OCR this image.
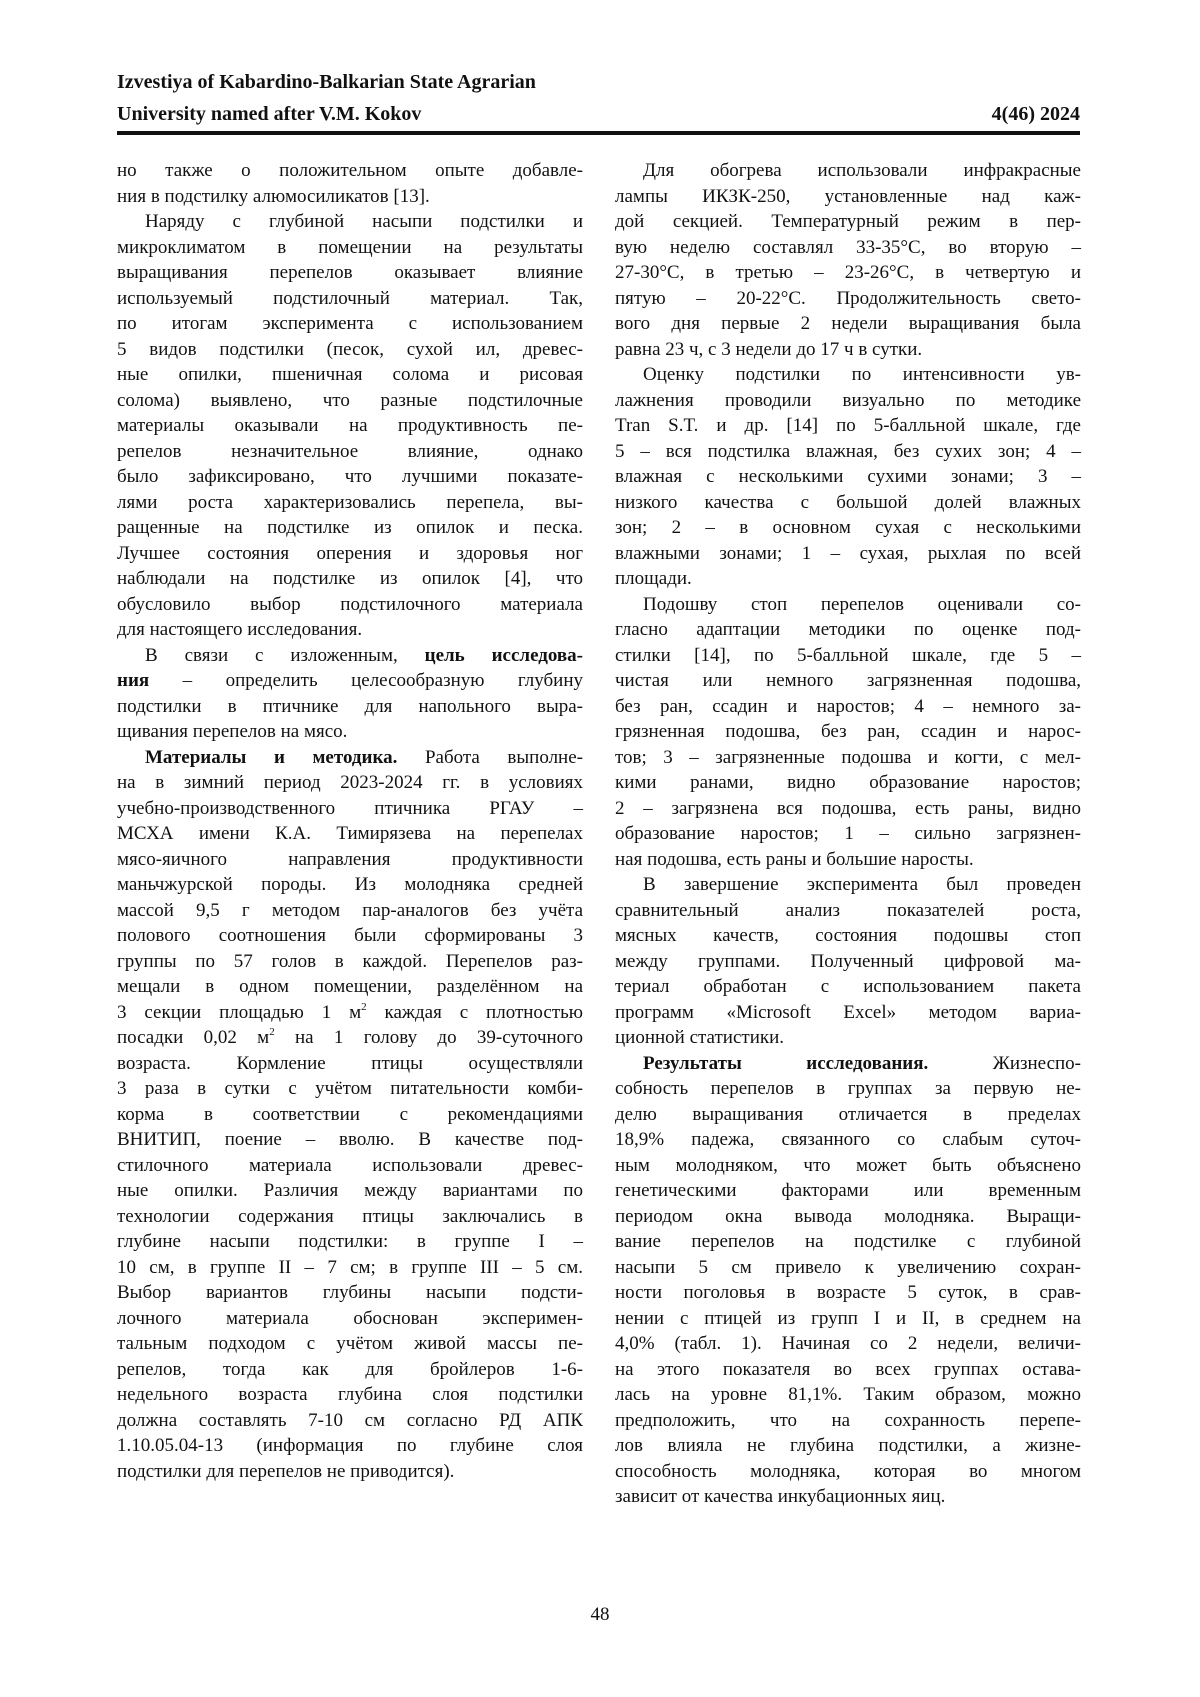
Izvestiya of Kabardino-Balkarian State Agrarian
University named after V.M. Kokov	4(46) 2024
но также о положительном опыте добавле-
ния в подстилку алюмосиликатов [13].
Наряду с глубиной насыпи подстилки и
микроклиматом в помещении на результаты
выращивания перепелов оказывает влияние
используемый подстилочный материал. Так,
по итогам эксперимента с использованием
5 видов подстилки (песок, сухой ил, древес-
ные опилки, пшеничная солома и рисовая
солома) выявлено, что разные подстилочные
материалы оказывали на продуктивность пе-
репелов незначительное влияние, однако
было зафиксировано, что лучшими показате-
лями роста характеризовались перепела, вы-
ращенные на подстилке из опилок и песка.
Лучшее состояния оперения и здоровья ног
наблюдали на подстилке из опилок [4], что
обусловило выбор подстилочного материала
для настоящего исследования.
В связи с изложенным, цель исследова-
ния – определить целесообразную глубину
подстилки в птичнике для напольного выра-
щивания перепелов на мясо.
Материалы и методика. Работа выполне-
на в зимний период 2023-2024 гг. в условиях
учебно-производственного птичника РГАУ –
МСХА имени К.А. Тимирязева на перепелах
мясо-яичного направления продуктивности
маньчжурской породы. Из молодняка средней
массой 9,5 г методом пар-аналогов без учёта
полового соотношения были сформированы 3
группы по 57 голов в каждой. Перепелов раз-
мещали в одном помещении, разделённом на
3 секции площадью 1 м2 каждая с плотностью
посадки 0,02 м2 на 1 голову до 39-суточного
возраста. Кормление птицы осуществляли
3 раза в сутки с учётом питательности комби-
корма в соответствии с рекомендациями
ВНИТИП, поение – вволю. В качестве под-
стилочного материала использовали древес-
ные опилки. Различия между вариантами по
технологии содержания птицы заключались в
глубине насыпи подстилки: в группе I –
10 см, в группе II – 7 см; в группе III – 5 см.
Выбор вариантов глубины насыпи подсти-
лочного материала обоснован эксперимен-
тальным подходом с учётом живой массы пе-
репелов, тогда как для бройлеров 1-6-
недельного возраста глубина слоя подстилки
должна составлять 7-10 см согласно РД АПК
1.10.05.04-13 (информация по глубине слоя
подстилки для перепелов не приводится).
Для обогрева использовали инфракрасные
лампы ИКЗК-250, установленные над каж-
дой секцией. Температурный режим в пер-
вую неделю составлял 33-35°С, во вторую –
27-30°С, в третью – 23-26°С, в четвертую и
пятую – 20-22°С. Продолжительность свето-
вого дня первые 2 недели выращивания была
равна 23 ч, с 3 недели до 17 ч в сутки.
Оценку подстилки по интенсивности ув-
лажнения проводили визуально по методике
Tran S.T. и др. [14] по 5-балльной шкале, где
5 – вся подстилка влажная, без сухих зон; 4 –
влажная с несколькими сухими зонами; 3 –
низкого качества с большой долей влажных
зон; 2 – в основном сухая с несколькими
влажными зонами; 1 – сухая, рыхлая по всей
площади.
Подошву стоп перепелов оценивали со-
гласно адаптации методики по оценке под-
стилки [14], по 5-балльной шкале, где 5 –
чистая или немного загрязненная подошва,
без ран, ссадин и наростов; 4 – немного за-
грязненная подошва, без ран, ссадин и нарос-
тов; 3 – загрязненные подошва и когти, с мел-
кими ранами, видно образование наростов;
2 – загрязнена вся подошва, есть раны, видно
образование наростов; 1 – сильно загрязнен-
ная подошва, есть раны и большие наросты.
В завершение эксперимента был проведен
сравнительный анализ показателей роста,
мясных качеств, состояния подошвы стоп
между группами. Полученный цифровой ма-
териал обработан с использованием пакета
программ «Microsoft Excel» методом вариа-
ционной статистики.
Результаты исследования. Жизнеспо-
собность перепелов в группах за первую не-
делю выращивания отличается в пределах
18,9% падежа, связанного со слабым суточ-
ным молодняком, что может быть объяснено
генетическими факторами или временным
периодом окна вывода молодняка. Выращи-
вание перепелов на подстилке с глубиной
насыпи 5 см привело к увеличению сохран-
ности поголовья в возрасте 5 суток, в срав-
нении с птицей из групп I и II, в среднем на
4,0% (табл. 1). Начиная со 2 недели, величи-
на этого показателя во всех группах остава-
лась на уровне 81,1%. Таким образом, можно
предположить, что на сохранность перепе-
лов влияла не глубина подстилки, а жизне-
способность молодняка, которая во многом
зависит от качества инкубационных яиц.
48
